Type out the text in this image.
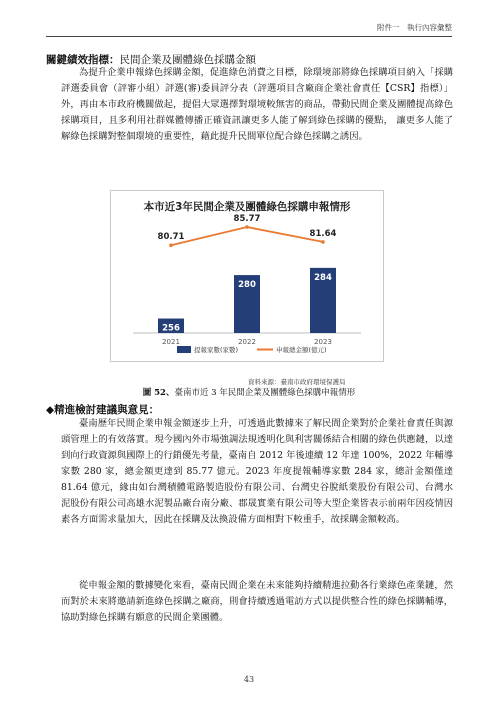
附件一　執行內容彙整
關鍵績效指標：民間企業及團體綠色採購金額
為提升企業申報綠色採購金額，促進綠色消費之目標，除環境部將綠色採購項目納入「採購評選委員會（評審小組）評選(審)委員評分表（評選項目含廠商企業社會責任【CSR】指標）」外，再由本市政府機關做起，提倡大眾選擇對環境較無害的商品，帶動民間企業及團體提高綠色採購項目，且多利用社群媒體傳播正確資訊讓更多人能了解到綠色採購的優點， 讓更多人能了解綠色採購對整個環境的重要性，藉此提升民間單位配合綠色採購之誘因。
本市近3年民間企業及團體綠色採購申報情形
256
2021
280
2022
284
2023
80.71
85.77
81.64
提報家數(家數)	申報總金額(億元)
資料來源：臺南市政府環境保護局
圖 52、臺南市近 3 年民間企業及團體綠色採購申報情形
◆精進檢討建議與意見：
臺南歷年民間企業申報金額逐步上升，可透過此數據來了解民間企業對於企業社會責任與源頭管理上的有效落實。現今國內外市場強調法規透明化與利害關係結合相關的綠色供應鏈，以達到向行政資源與國際上的行銷優先考量，臺南自 2012 年後連續 12 年達 100%，2022 年輔導家數 280 家，總金額更達到 85.77 億元。2023 年度提報輔導家數 284 家，總計金額僅達 81.64 億元，緣由如台灣積體電路製造股份有限公司、台灣史谷脫紙業股份有限公司、台灣水泥股份有限公司高雄水泥製品廠台南分廠、郡晟實業有限公司等大型企業皆表示前兩年因疫情因素各方面需求量加大，因此在採購及汰換設備方面相對下較重手，故採購金額較高。
從申報金額的數據變化來看，臺南民間企業在未來能夠持續精進拉動各行業綠色產業鏈，然而對於未來將邀請新進綠色採購之廠商，則會持續透過電訪方式以提供整合性的綠色採購輔導，協助對綠色採購有願意的民間企業團體。
43
